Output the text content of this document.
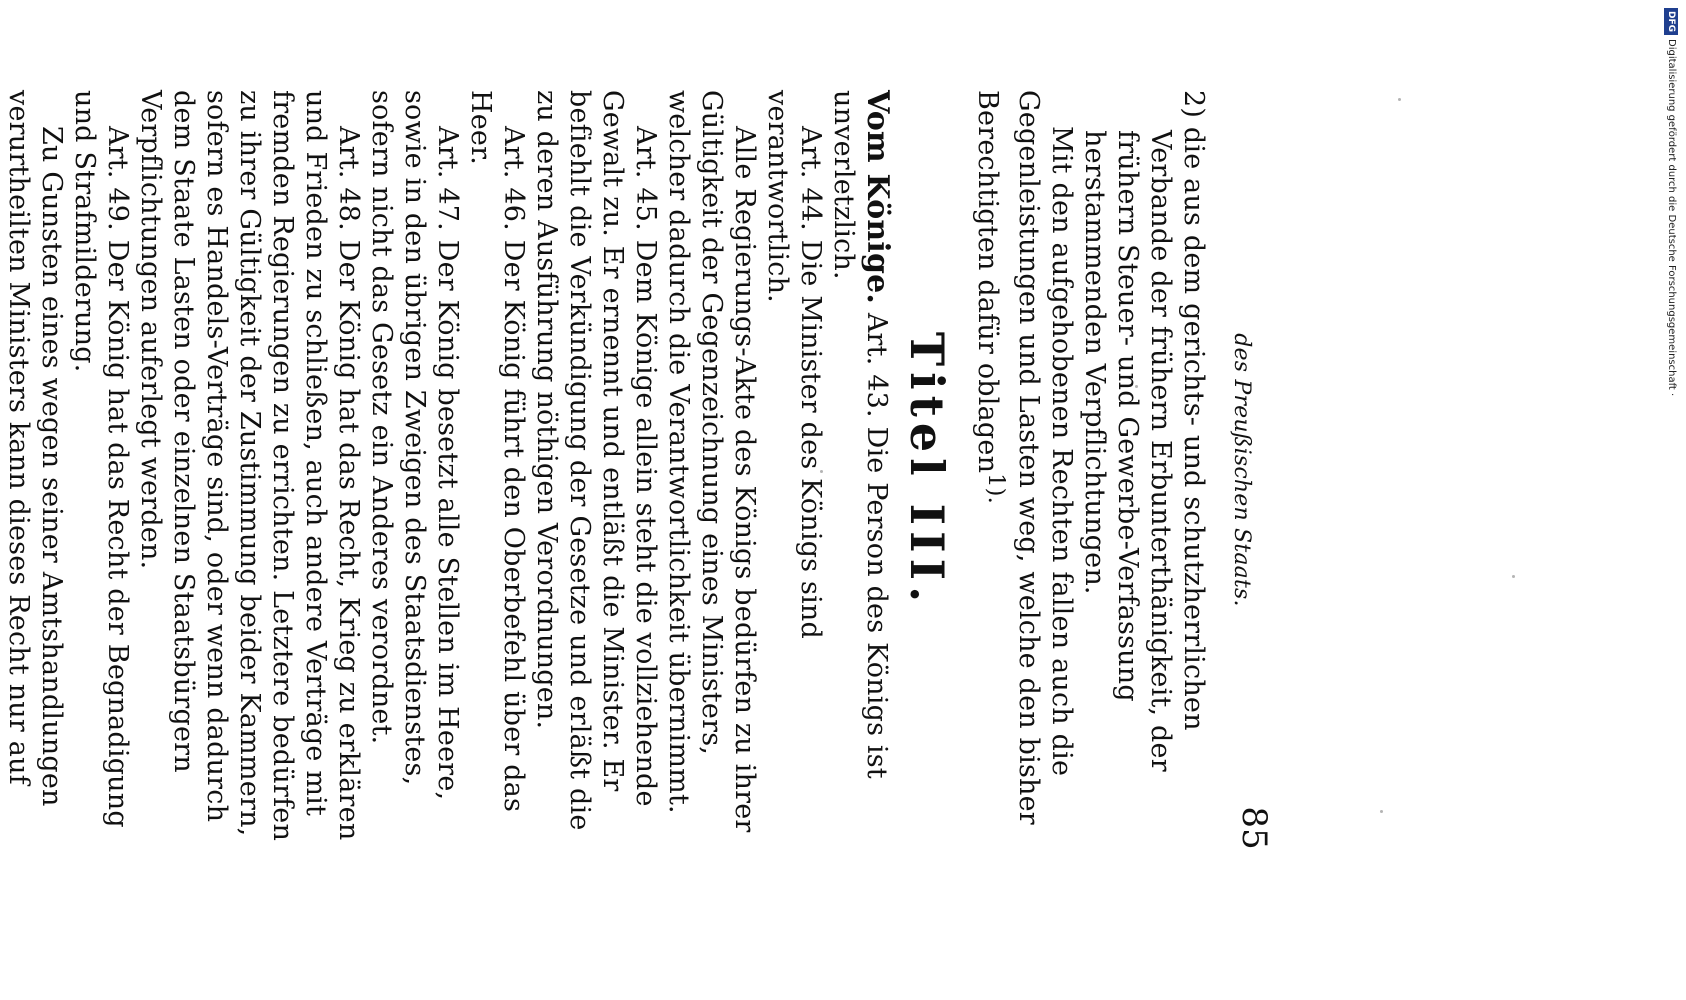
des Preußischen Staats.
85

2) die aus dem gerichts- und schutzherrlichen Verbande der frühern Erbunterthänigkeit, der frühern Steuer- und Gewerbe-Verfassung herstammenden Verpflichtungen.

Mit den aufgehobenen Rechten fallen auch die Gegenleistungen und Lasten weg, welche den bisher Berechtigten dafür oblagen$^{1).}$

Titel III.

Vom Könige. Art. 43. Die Person des Königs ist unverletzlich.

Art. 44. Die Minister des Königs sind verantwortlich.

Alle Regierungs-Akte des Königs bedürfen zu ihrer Gültigkeit der Gegenzeichnung eines Ministers, welcher dadurch die Verantwortlichkeit übernimmt.

Art. 45. Dem Könige allein steht die vollziehende Gewalt zu. Er ernennt und entläßt die Minister. Er befiehlt die Verkündigung der Gesetze und erläßt die zu deren Ausführung nöthigen Verordnungen.

Art. 46. Der König führt den Oberbefehl über das Heer.

Art. 47. Der König besetzt alle Stellen im Heere, sowie in den übrigen Zweigen des Staatsdienstes, sofern nicht das Gesetz ein Anderes verordnet.

Art. 48. Der König hat das Recht, Krieg zu erklären und Frieden zu schließen, auch andere Verträge mit fremden Regierungen zu errichten. Letztere bedürfen zu ihrer Gültigkeit der Zustimmung beider Kammern, sofern es Handels-Verträge sind, oder wenn dadurch dem Staate Lasten oder einzelnen Staatsbürgern Verpflichtungen auferlegt werden.

Art. 49. Der König hat das Recht der Begnadigung und Strafmilderung.

Zu Gunsten eines wegen seiner Amtshandlungen verurtheilten Ministers kann dieses Recht nur auf

DFG
Digitalisierung gefördert durch die Deutsche Forschungsgemeinschaft ·
